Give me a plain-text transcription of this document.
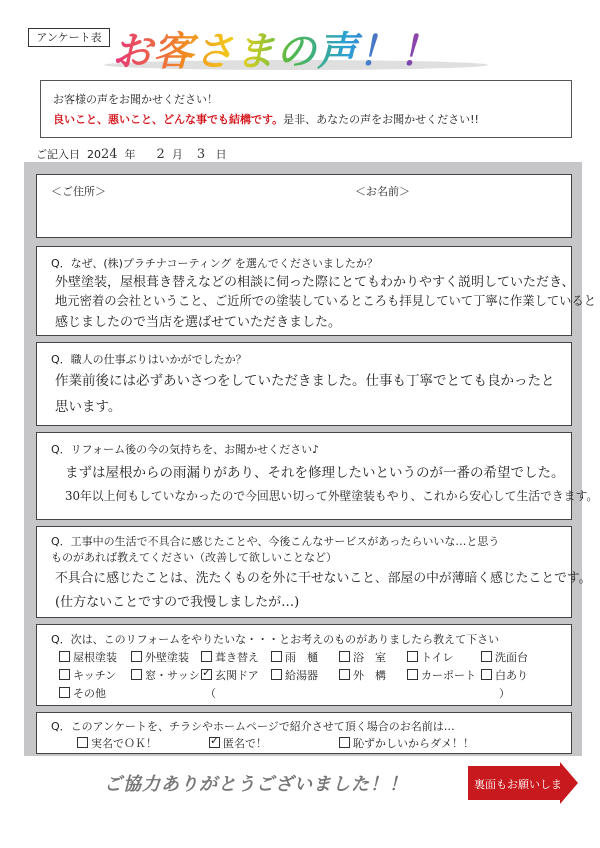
アンケート表 お客さまの声！！
お客様の声をお聞かせください！
良いこと、悪いこと、どんな事でも結構です。是非、あなたの声をお聞かせください!!
ご記入日 2024 年 2 月 3 日
＜ご住所＞	＜お名前＞
Q．なぜ、(株)プラチナコーティング を選んでくださいましたか？
外壁塗装，屋根葺き替えなどの相談に伺った際にとてもわかりやすく説明していただき、
地元密着の会社ということ、ご近所での塗装しているところも拝見していて丁寧に作業していると
感じましたので当店を選ばせていただきました。
Q．職人の仕事ぶりはいかがでしたか？
作業前後には必ずあいさつをしていただきました。仕事も丁寧でとても良かったと
思います。
Q．リフォーム後の今の気持ちを、お聞かせください♪
まずは屋根からの雨漏りがあり、それを修理したいというのが一番の希望でした。
30年以上何もしていなかったので今回思い切って外壁塗装もやり、これから安心して生活できます。
Q．工事中の生活で不具合に感じたことや、今後こんなサービスがあったらいいな…と思う
ものがあれば教えてください（改善して欲しいことなど）
不具合に感じたことは、洗たくものを外に干せないこと、部屋の中が薄暗く感じたことです。
(仕方ないことですので我慢しましたが…)
Q．次は、このリフォームをやりたいな・・・とお考えのものがありましたら教えて下さい
屋根塗装	外壁塗装	葺き替え	雨　樋	浴　室	トイレ	洗面台
キッチン	窓・サッシ ✓	玄関ドア	給湯器	外　構	カーポート	白あり
その他	（	）
Q．このアンケートを、チラシやホームページで紹介させて頂く場合のお名前は…
実名でＯＫ！ ✓	匿名で！	恥ずかしいからダメ！！
ご協力ありがとうございました！！	裏面もお願いします。
